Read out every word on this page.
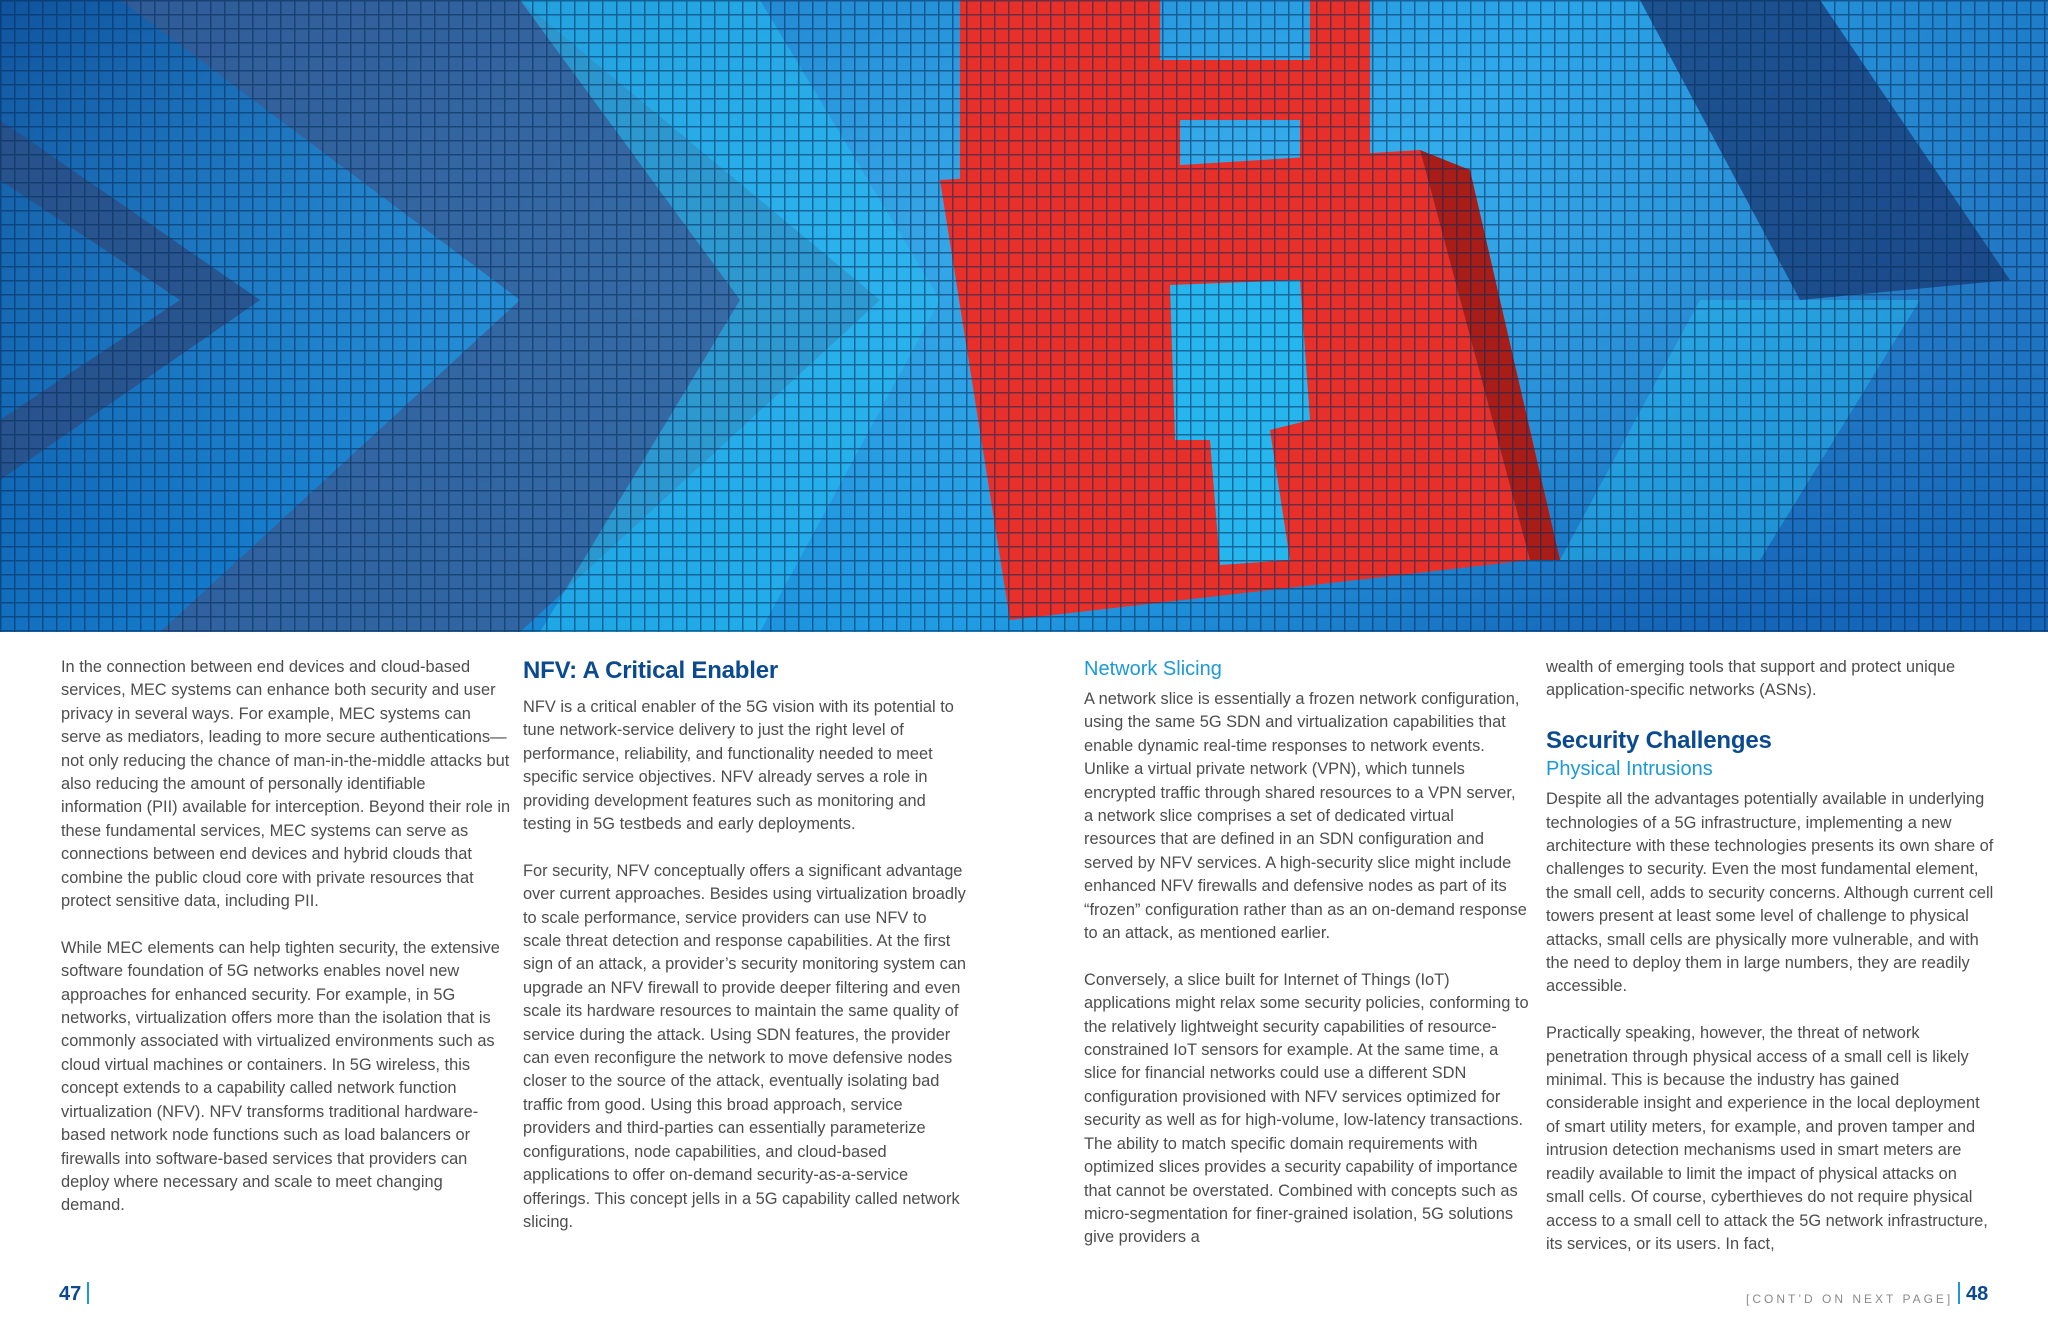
In the connection between end devices and cloud-based services, MEC systems can enhance both security and user privacy in several ways. For example, MEC systems can serve as mediators, leading to more secure authentications—not only reducing the chance of man-in-the-middle attacks but also reducing the amount of personally identifiable information (PII) available for interception. Beyond their role in these fundamental services, MEC systems can serve as connections between end devices and hybrid clouds that combine the public cloud core with private resources that protect sensitive data, including PII.

While MEC elements can help tighten security, the extensive software foundation of 5G networks enables novel new approaches for enhanced security. For example, in 5G networks, virtualization offers more than the isolation that is commonly associated with virtualized environments such as cloud virtual machines or containers. In 5G wireless, this concept extends to a capability called network function virtualization (NFV). NFV transforms traditional hardware-based network node functions such as load balancers or firewalls into software-based services that providers can deploy where necessary and scale to meet changing demand.

NFV: A Critical Enabler

NFV is a critical enabler of the 5G vision with its potential to tune network-service delivery to just the right level of performance, reliability, and functionality needed to meet specific service objectives. NFV already serves a role in providing development features such as monitoring and testing in 5G testbeds and early deployments.

For security, NFV conceptually offers a significant advantage over current approaches. Besides using virtualization broadly to scale performance, service providers can use NFV to scale threat detection and response capabilities. At the first sign of an attack, a provider’s security monitoring system can upgrade an NFV firewall to provide deeper filtering and even scale its hardware resources to maintain the same quality of service during the attack. Using SDN features, the provider can even reconfigure the network to move defensive nodes closer to the source of the attack, eventually isolating bad traffic from good. Using this broad approach, service providers and third-parties can essentially parameterize configurations, node capabilities, and cloud-based applications to offer on-demand security-as-a-service offerings. This concept jells in a 5G capability called network slicing.

Network Slicing

A network slice is essentially a frozen network configuration, using the same 5G SDN and virtualization capabilities that enable dynamic real-time responses to network events. Unlike a virtual private network (VPN), which tunnels encrypted traffic through shared resources to a VPN server, a network slice comprises a set of dedicated virtual resources that are defined in an SDN configuration and served by NFV services. A high-security slice might include enhanced NFV firewalls and defensive nodes as part of its “frozen” configuration rather than as an on-demand response to an attack, as mentioned earlier.

Conversely, a slice built for Internet of Things (IoT) applications might relax some security policies, conforming to the relatively lightweight security capabilities of resource-constrained IoT sensors for example. At the same time, a slice for financial networks could use a different SDN configuration provisioned with NFV services optimized for security as well as for high-volume, low-latency transactions. The ability to match specific domain requirements with optimized slices provides a security capability of importance that cannot be overstated. Combined with concepts such as micro-segmentation for finer-grained isolation, 5G solutions give providers a

wealth of emerging tools that support and protect unique application-specific networks (ASNs).

Security Challenges
Physical Intrusions

Despite all the advantages potentially available in underlying technologies of a 5G infrastructure, implementing a new architecture with these technologies presents its own share of challenges to security. Even the most fundamental element, the small cell, adds to security concerns. Although current cell towers present at least some level of challenge to physical attacks, small cells are physically more vulnerable, and with the need to deploy them in large numbers, they are readily accessible.

Practically speaking, however, the threat of network penetration through physical access of a small cell is likely minimal. This is because the industry has gained considerable insight and experience in the local deployment of smart utility meters, for example, and proven tamper and intrusion detection mechanisms used in smart meters are readily available to limit the impact of physical attacks on small cells. Of course, cyberthieves do not require physical access to a small cell to attack the 5G network infrastructure, its services, or its users. In fact,

47	[CONT’D ON NEXT PAGE] 48
